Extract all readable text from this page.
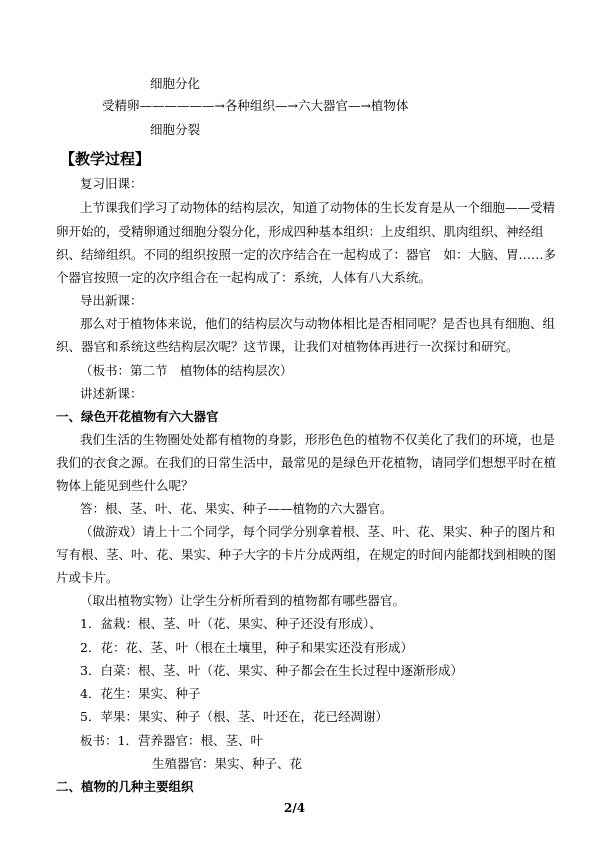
细胞分化
受精卵——————→各种组织—→六大器官—→植物体
细胞分裂
【教学过程】
复习旧课：
上节课我们学习了动物体的结构层次，知道了动物体的生长发育是从一个细胞——受精
卵开始的，受精卵通过细胞分裂分化，形成四种基本组织：上皮组织、肌肉组织、神经组
织、结缔组织。不同的组织按照一定的次序结合在一起构成了：器官　如：大脑、胃……多
个器官按照一定的次序组合在一起构成了：系统，人体有八大系统。
导出新课：
那么对于植物体来说，他们的结构层次与动物体相比是否相同呢？是否也具有细胞、组
织、器官和系统这些结构层次呢？这节课，让我们对植物体再进行一次探讨和研究。
（板书：第二节　植物体的结构层次）
讲述新课：
一、绿色开花植物有六大器官
我们生活的生物圈处处都有植物的身影，形形色色的植物不仅美化了我们的环境，也是
我们的衣食之源。在我们的日常生活中，最常见的是绿色开花植物，请同学们想想平时在植
物体上能见到些什么呢？
答：根、茎、叶、花、果实、种子——植物的六大器官。
（做游戏）请上十二个同学，每个同学分别拿着根、茎、叶、花、果实、种子的图片和
写有根、茎、叶、花、果实、种子大字的卡片分成两组，在规定的时间内能都找到相映的图
片或卡片。
（取出植物实物）让学生分析所看到的植物都有哪些器官。
1．盆栽：根、茎、叶（花、果实、种子还没有形成）、
2．花：花、茎、叶（根在土壤里，种子和果实还没有形成）
3．白菜：根、茎、叶（花、果实、种子都会在生长过程中逐渐形成）
4．花生：果实、种子
5．苹果：果实、种子（根、茎、叶还在，花已经凋谢）
板书：1．营养器官：根、茎、叶
生殖器官：果实、种子、花
二、植物的几种主要组织
2/4
